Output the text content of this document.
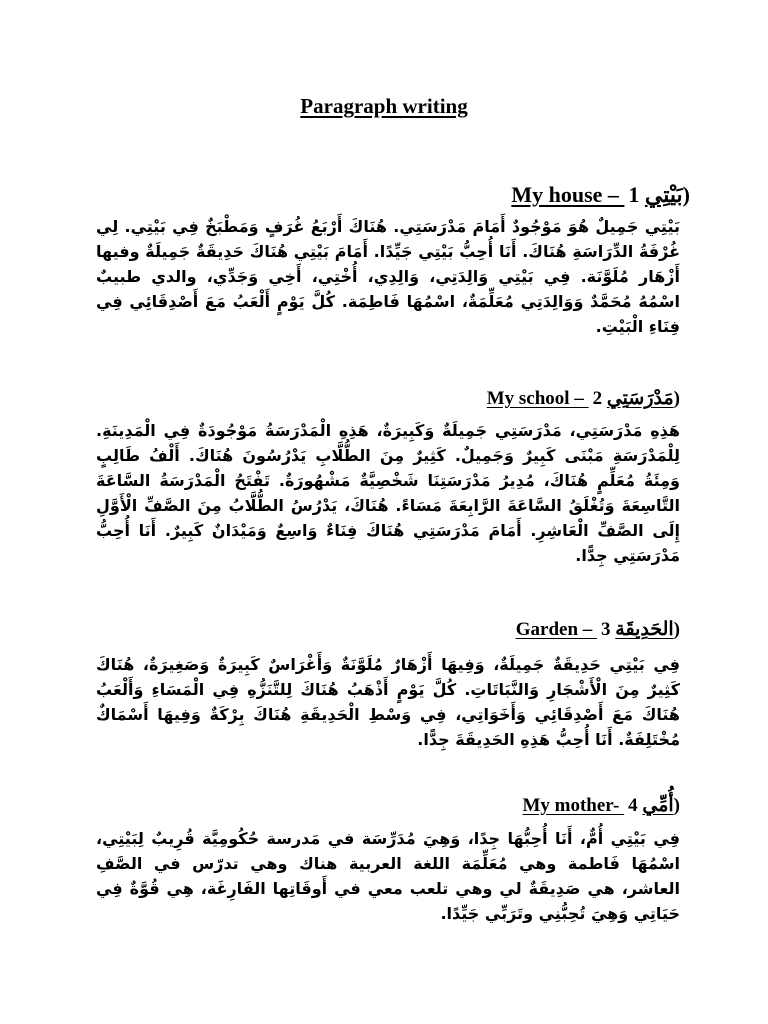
Paragraph writing
My house – بَيْتِي 1)
بَيْتِي جَمِيلٌ هُوَ مَوْجُودٌ أَمَامَ مَدْرَسَتِي. هُنَاكَ أَرْبَعُ غُرَفٍ وَمَطْبَخٌ فِي بَيْتِي. لِي غُرْفَةُ الدِّرَاسَةِ هُنَاكَ. أَنَا أُحِبُّ بَيْتِي جَيِّدًا. أَمَامَ بَيْتِي هُنَاكَ حَدِيقَةٌ جَمِيلَةٌ وفيها أَزْهَار مُلَوَّنَة. فِي بَيْتِي وَالِدَتِي، وَالِدِي، أُخْتِي، أَخِي وَجَدِّي، والدي طبيبٌ اسْمُهُ مُحَمَّدٌ وَوَالِدَتِي مُعَلِّمَةٌ، اسْمُهَا فَاطِمَة. كُلَّ يَوْمٍ أَلْعَبُ مَعَ أَصْدِقَائِي فِي فِنَاءِ الْبَيْتِ.
My school – مَدْرَسَتِي 2)
هَذِهِ مَدْرَسَتِي، مَدْرَسَتِي جَمِيلَةٌ وَكَبِيرَةٌ، هَذِهِ الْمَدْرَسَةُ مَوْجُودَةٌ فِي الْمَدِينَةِ. لِلْمَدْرَسَةِ مَبْنَى كَبِيرٌ وَجَمِيلٌ. كَثِيرٌ مِنَ الطُّلَّابِ يَدْرُسُونَ هُنَاكَ. أَلْفُ طَالِبٍ وَمِئَةُ مُعَلِّمٍ هُنَاكَ، مُدِيرُ مَدْرَسَتِنَا شَخْصِيَّةٌ مَشْهُورَةٌ. تَفْتَحُ الْمَدْرَسَةُ السَّاعَةَ التَّاسِعَةَ وَتُغْلَقُ السَّاعَةَ الرَّابِعَةَ مَسَاءً. هُنَاكَ، يَدْرُسُ الطُّلَّابُ مِنَ الصَّفِّ الْأَوَّلِ إِلَى الصَّفِّ الْعَاشِرِ. أَمَامَ مَدْرَسَتِي هُنَاكَ فِنَاءٌ وَاسِعٌ وَمَيْدَانٌ كَبِيرٌ. أَنَا أُحِبُّ مَدْرَسَتِي جِدًّا.
Garden – الحَدِيقَة 3)
فِي بَيْتِي حَدِيقَةٌ جَمِيلَةٌ، وَفِيهَا أَزْهَارٌ مُلَوَّنَةٌ وَأَغْرَاسٌ كَبِيرَةٌ وَصَغِيرَةٌ، هُنَاكَ كَثِيرٌ مِنَ الْأَشْجَارِ وَالنَّبَاتَاتِ. كُلَّ يَوْمٍ أَذْهَبُ هُنَاكَ لِلتَّنَزُّهِ فِي الْمَسَاءِ وَأَلْعَبُ هُنَاكَ مَعَ أَصْدِقَائِي وَأَخَوَاتِي، فِي وَسْطِ الْحَدِيقَةِ هُنَاكَ بِرْكَةٌ وَفِيهَا أَسْمَاكٌ مُخْتَلِفَةٌ. أَنَا أُحِبُّ هَذِهِ الحَدِيقَةَ جِدًّا.
My mother- أُمِّي 4)
فِي بَيْتِي أُمٌّ، أَنَا أُحِبُّهَا جِدًا، وَهِيَ مُدَرِّسَة في مَدرسة حُكُومِيَّة قُرِيبٌ لِبَيْتِي، اسْمُهَا فَاطمة وهي مُعَلِّمَة اللغة العربية هناك وهي تدرّس في الصَّفِ العاشر، هي صَدِيقَةٌ لي وهي تلعب معي في أَوقَاتِها الفَارِغَة، هِي قُوَّةٌ فِي حَيَاتِي وَهِيَ تُحِبُّنِي وتَرَبِّي جَيِّدًا.
